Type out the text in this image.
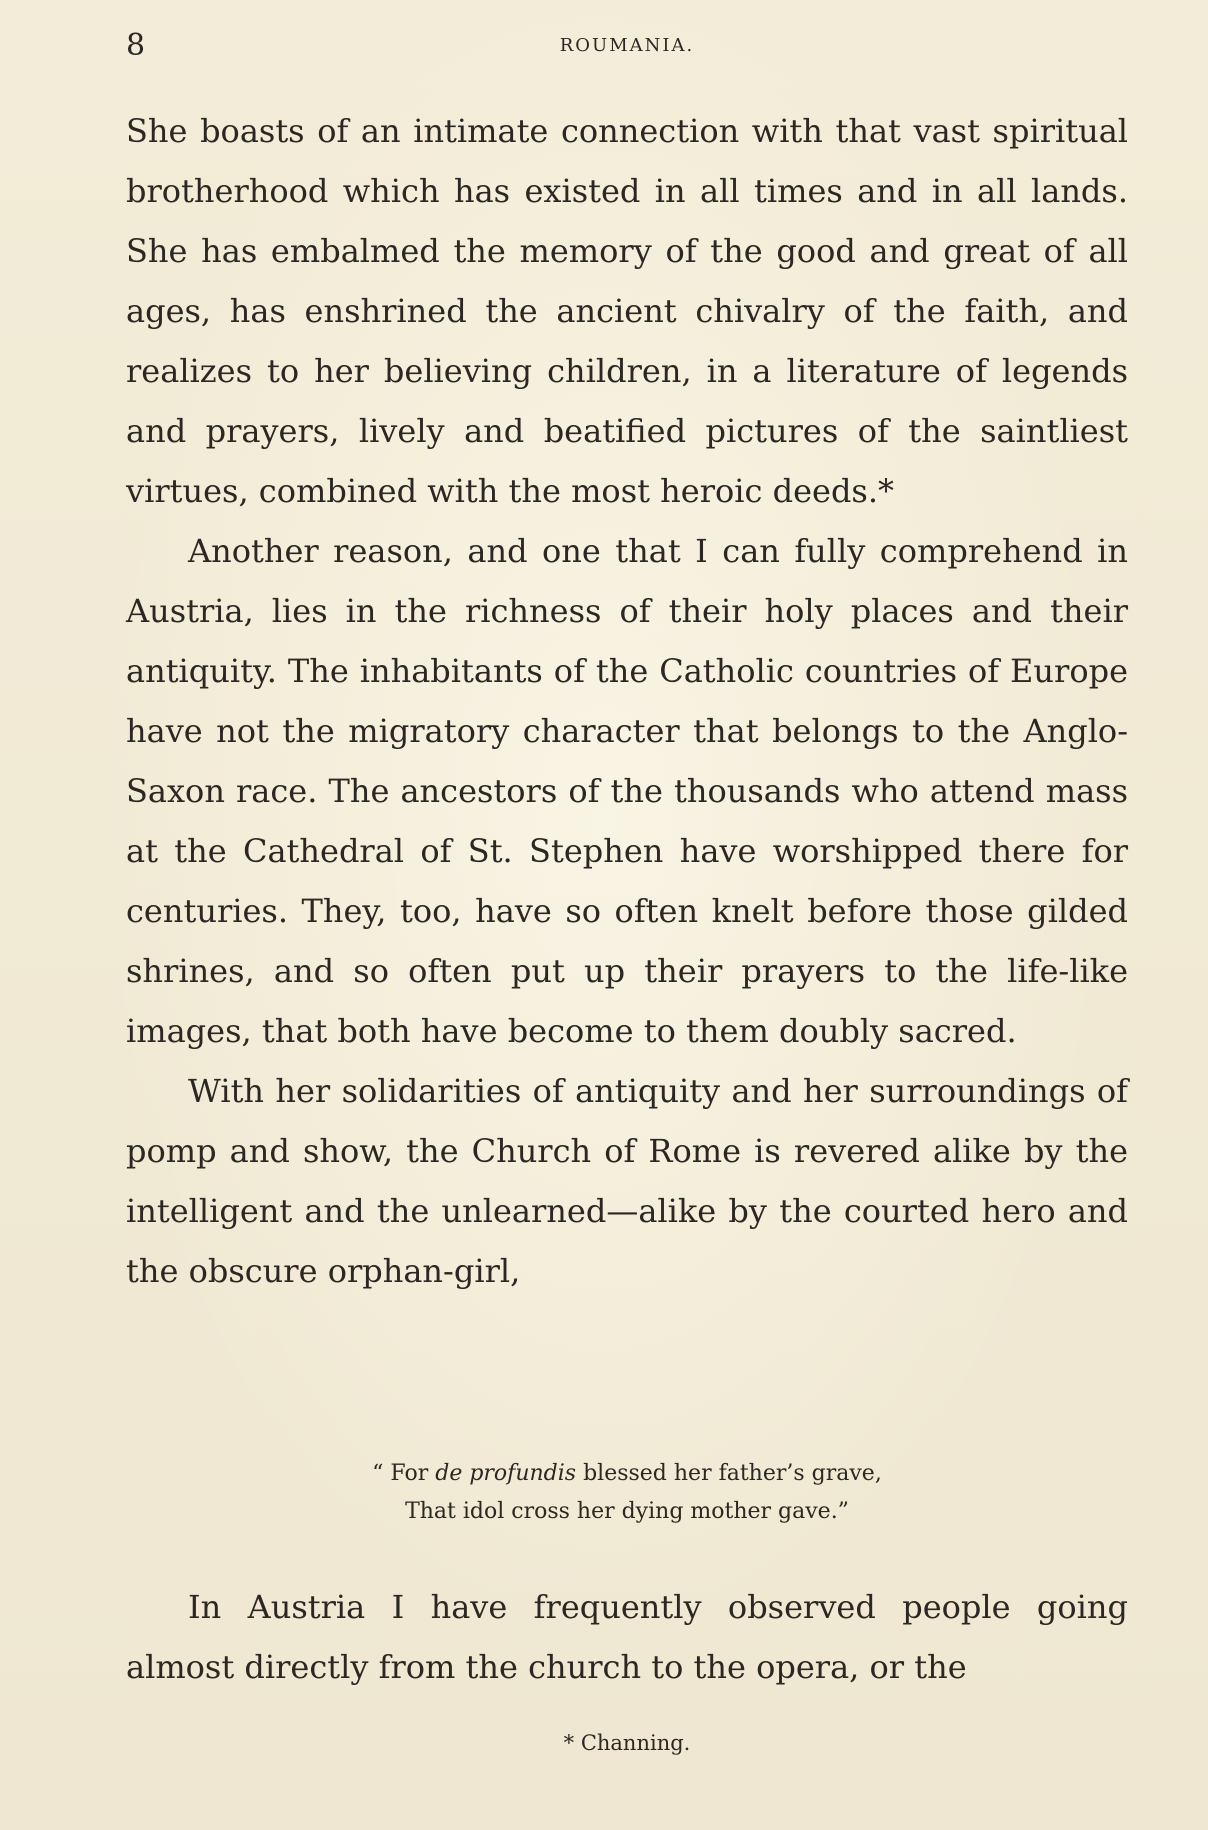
8	ROUMANIA.

She boasts of an intimate connection with that vast spiritual brotherhood which has existed in all times and in all lands. She has embalmed the memory of the good and great of all ages, has enshrined the ancient chivalry of the faith, and realizes to her believing children, in a literature of legends and prayers, lively and beatified pictures of the saintliest virtues, combined with the most heroic deeds.*

Another reason, and one that I can fully comprehend in Austria, lies in the richness of their holy places and their antiquity. The inhabitants of the Catholic countries of Europe have not the migratory character that belongs to the Anglo-Saxon race. The ancestors of the thousands who attend mass at the Cathedral of St. Stephen have worshipped there for centuries. They, too, have so often knelt before those gilded shrines, and so often put up their prayers to the life-like images, that both have become to them doubly sacred.

With her solidarities of antiquity and her surroundings of pomp and show, the Church of Rome is revered alike by the intelligent and the unlearned—alike by the courted hero and the obscure orphan-girl,

“ For de profundis blessed her father’s grave,
That idol cross her dying mother gave.”

In Austria I have frequently observed people going almost directly from the church to the opera, or the

* Channing.
